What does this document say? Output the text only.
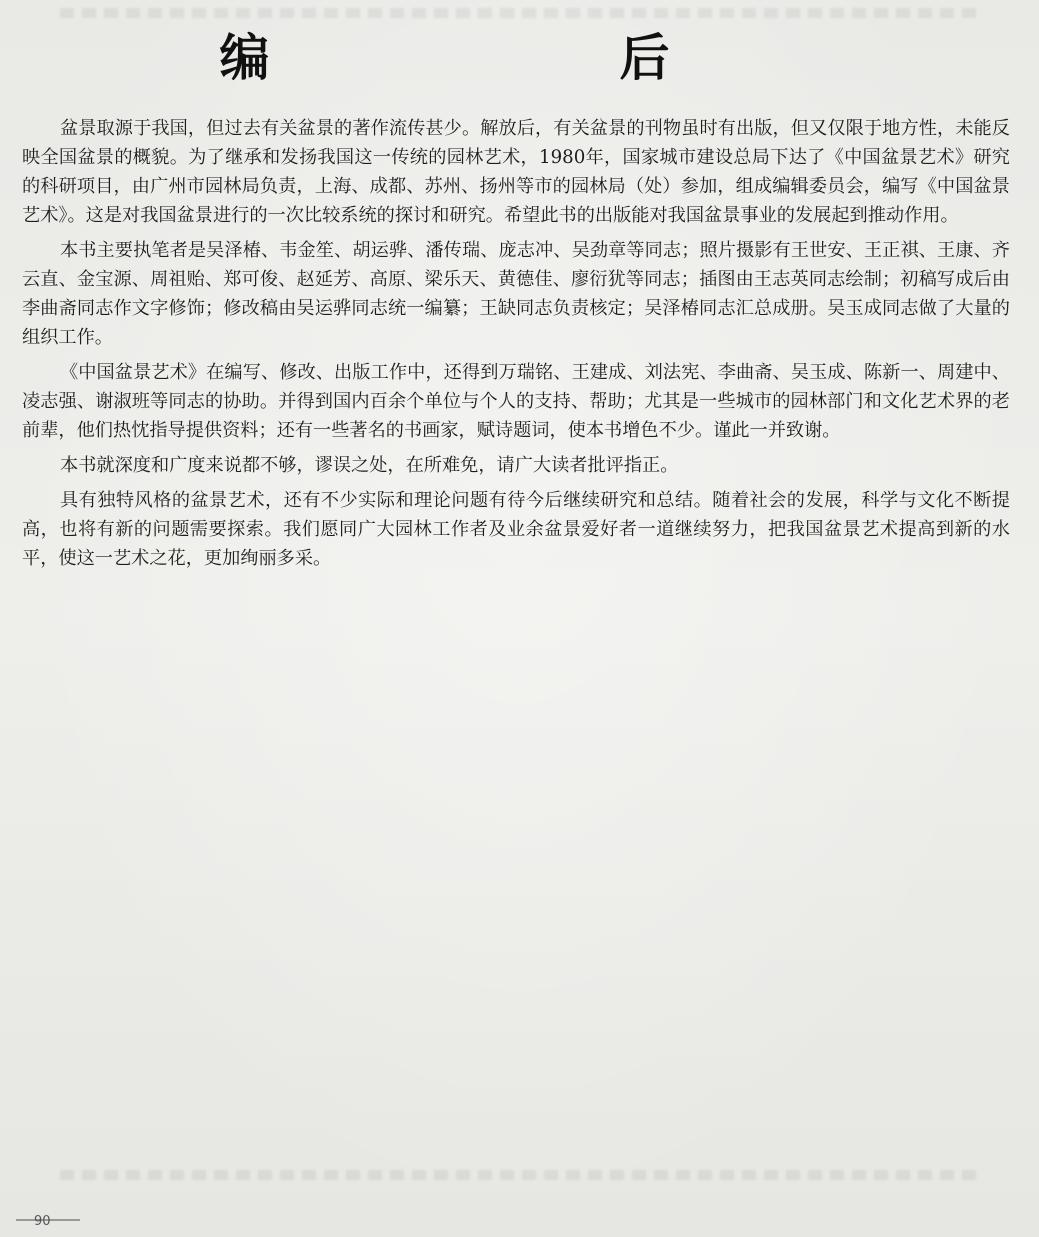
编　后

盆景取源于我国，但过去有关盆景的著作流传甚少。解放后，有关盆景的刊物虽时有出版，但又仅限于地方性，未能反映全国盆景的概貌。为了继承和发扬我国这一传统的园林艺术，1980年，国家城市建设总局下达了《中国盆景艺术》研究的科研项目，由广州市园林局负责，上海、成都、苏州、扬州等市的园林局（处）参加，组成编辑委员会，编写《中国盆景艺术》。这是对我国盆景进行的一次比较系统的探讨和研究。希望此书的出版能对我国盆景事业的发展起到推动作用。

本书主要执笔者是吴泽椿、韦金笙、胡运骅、潘传瑞、庞志冲、吴劲章等同志；照片摄影有王世安、王正祺、王康、齐云直、金宝源、周祖贻、郑可俊、赵延芳、高原、梁乐天、黄德佳、廖衍犹等同志；插图由王志英同志绘制；初稿写成后由李曲斋同志作文字修饰；修改稿由吴运骅同志统一编纂；王缺同志负责核定；吴泽椿同志汇总成册。吴玉成同志做了大量的组织工作。

《中国盆景艺术》在编写、修改、出版工作中，还得到万瑞铭、王建成、刘法宪、李曲斋、吴玉成、陈新一、周建中、凌志强、谢淑班等同志的协助。并得到国内百余个单位与个人的支持、帮助；尤其是一些城市的园林部门和文化艺术界的老前辈，他们热忱指导提供资料；还有一些著名的书画家，赋诗题词，使本书增色不少。谨此一并致谢。

本书就深度和广度来说都不够，谬误之处，在所难免，请广大读者批评指正。

具有独特风格的盆景艺术，还有不少实际和理论问题有待今后继续研究和总结。随着社会的发展，科学与文化不断提高，也将有新的问题需要探索。我们愿同广大园林工作者及业余盆景爱好者一道继续努力，把我国盆景艺术提高到新的水平，使这一艺术之花，更加绚丽多采。

90
